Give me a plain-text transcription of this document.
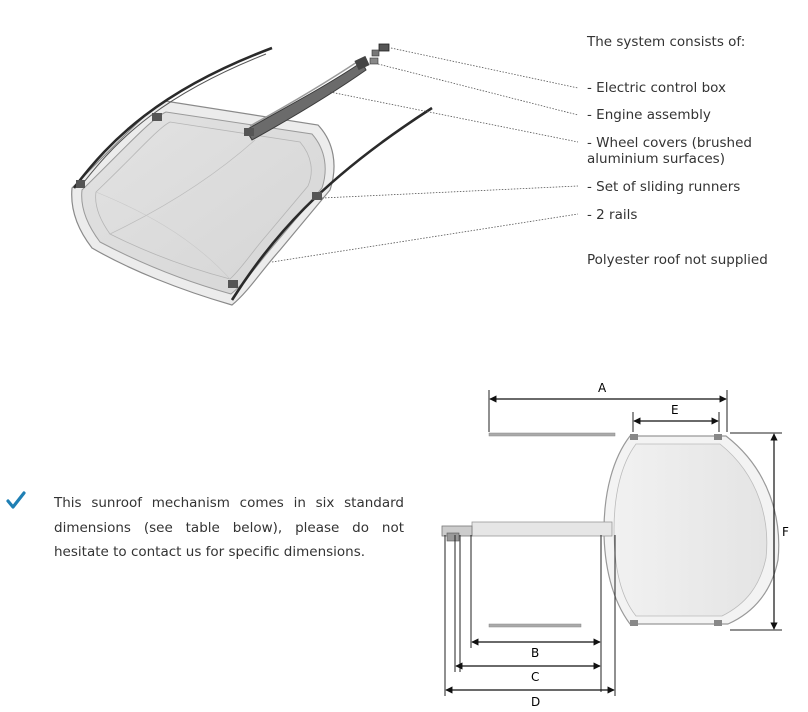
A
E
B
C
D
F
The system consists of:
- Electric control box
- Engine assembly
- Wheel covers (brushed
aluminium surfaces)
- Set of sliding runners
- 2 rails
Polyester roof not supplied
This sunroof mechanism comes in six standard dimensions (see table below), please do not hesitate to contact us for specific dimensions.
